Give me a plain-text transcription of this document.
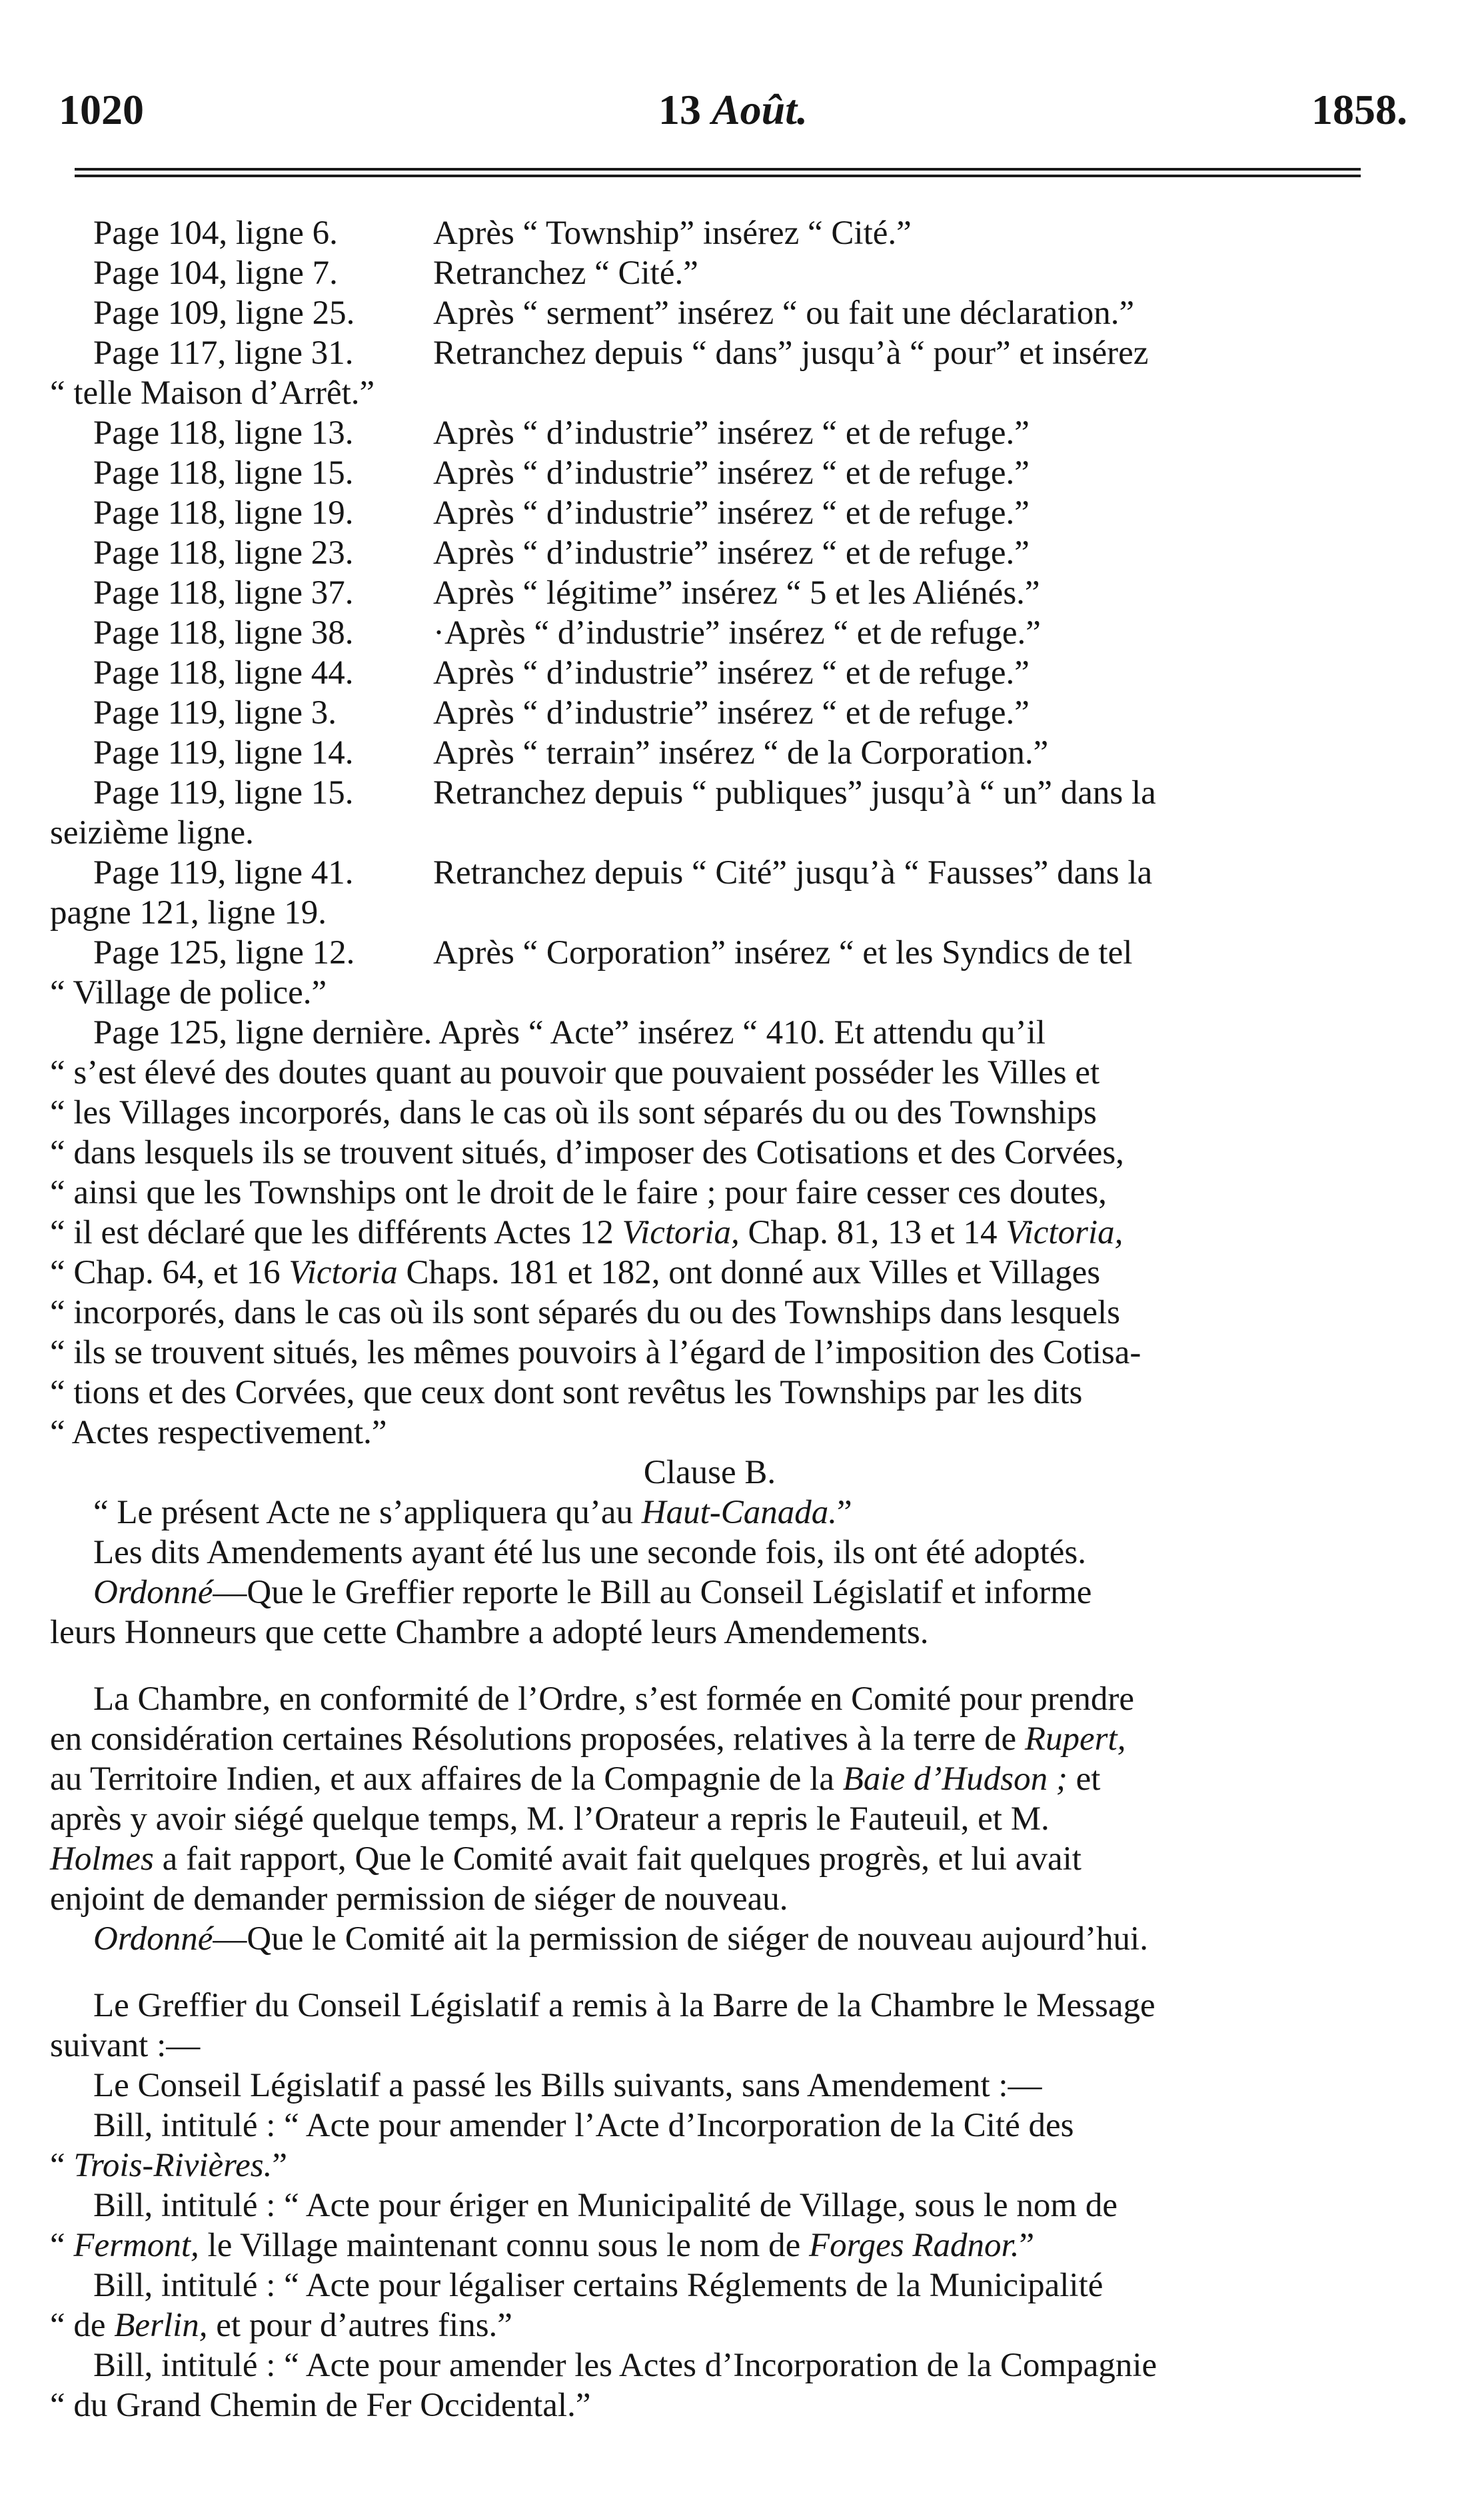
1020	13 Août.	1858.
Page 104, ligne 6.	Après “ Township” insérez “ Cité.”
Page 104, ligne 7.	Retranchez “ Cité.”
Page 109, ligne 25. Après “ serment” insérez “ ou fait une déclaration.”
Page 117, ligne 31. Retranchez depuis “ dans” jusqu’à “ pour” et insérez
“ telle Maison d’Arrêt.”
Page 118, ligne 13. Après “ d’industrie” insérez “ et de refuge.”
Page 118, ligne 15. Après “ d’industrie” insérez “ et de refuge.”
Page 118, ligne 19. Après “ d’industrie” insérez “ et de refuge.”
Page 118, ligne 23. Après “ d’industrie” insérez “ et de refuge.”
Page 118, ligne 37. Après “ légitime” insérez “ 5 et les Aliénés.”
Page 118, ligne 38. ·Après “ d’industrie” insérez “ et de refuge.”
Page 118, ligne 44. Après “ d’industrie” insérez “ et de refuge.”
Page 119, ligne 3.	Après “ d’industrie” insérez “ et de refuge.”
Page 119, ligne 14. Après “ terrain” insérez “ de la Corporation.”
Page 119, ligne 15. Retranchez depuis “ publiques” jusqu’à “ un” dans la
seizième ligne.
Page 119, ligne 41. Retranchez depuis “ Cité” jusqu’à “ Fausses” dans la
pagne 121, ligne 19.
Page 125, ligne 12. Après “ Corporation” insérez “ et les Syndics de tel
“ Village de police.”
Page 125, ligne dernière. Après “ Acte” insérez “ 410. Et attendu qu’il
“ s’est élevé des doutes quant au pouvoir que pouvaient posséder les Villes et
“ les Villages incorporés, dans le cas où ils sont séparés du ou des Townships
“ dans lesquels ils se trouvent situés, d’imposer des Cotisations et des Corvées,
“ ainsi que les Townships ont le droit de le faire ; pour faire cesser ces doutes,
“ il est déclaré que les différents Actes 12 Victoria, Chap. 81, 13 et 14 Victoria,
“ Chap. 64, et 16 Victoria Chaps. 181 et 182, ont donné aux Villes et Villages
“ incorporés, dans le cas où ils sont séparés du ou des Townships dans lesquels
“ ils se trouvent situés, les mêmes pouvoirs à l’égard de l’imposition des Cotisa-
“ tions et des Corvées, que ceux dont sont revêtus les Townships par les dits
“ Actes respectivement.”
Clause B.
“ Le présent Acte ne s’appliquera qu’au Haut-Canada.”
Les dits Amendements ayant été lus une seconde fois, ils ont été adoptés.
Ordonné—Que le Greffier reporte le Bill au Conseil Législatif et informe
leurs Honneurs que cette Chambre a adopté leurs Amendements.
La Chambre, en conformité de l’Ordre, s’est formée en Comité pour prendre
en considération certaines Résolutions proposées, relatives à la terre de Rupert,
au Territoire Indien, et aux affaires de la Compagnie de la Baie d’Hudson ; et
après y avoir siégé quelque temps, M. l’Orateur a repris le Fauteuil, et M.
Holmes a fait rapport, Que le Comité avait fait quelques progrès, et lui avait
enjoint de demander permission de siéger de nouveau.
Ordonné—Que le Comité ait la permission de siéger de nouveau aujourd’hui.
Le Greffier du Conseil Législatif a remis à la Barre de la Chambre le Message
suivant :—
Le Conseil Législatif a passé les Bills suivants, sans Amendement :—
Bill, intitulé : “ Acte pour amender l’Acte d’Incorporation de la Cité des
“ Trois-Rivières.”
Bill, intitulé : “ Acte pour ériger en Municipalité de Village, sous le nom de
“ Fermont, le Village maintenant connu sous le nom de Forges Radnor.”
Bill, intitulé : “ Acte pour légaliser certains Réglements de la Municipalité
“ de Berlin, et pour d’autres fins.”
Bill, intitulé : “ Acte pour amender les Actes d’Incorporation de la Compagnie
“ du Grand Chemin de Fer Occidental.”
